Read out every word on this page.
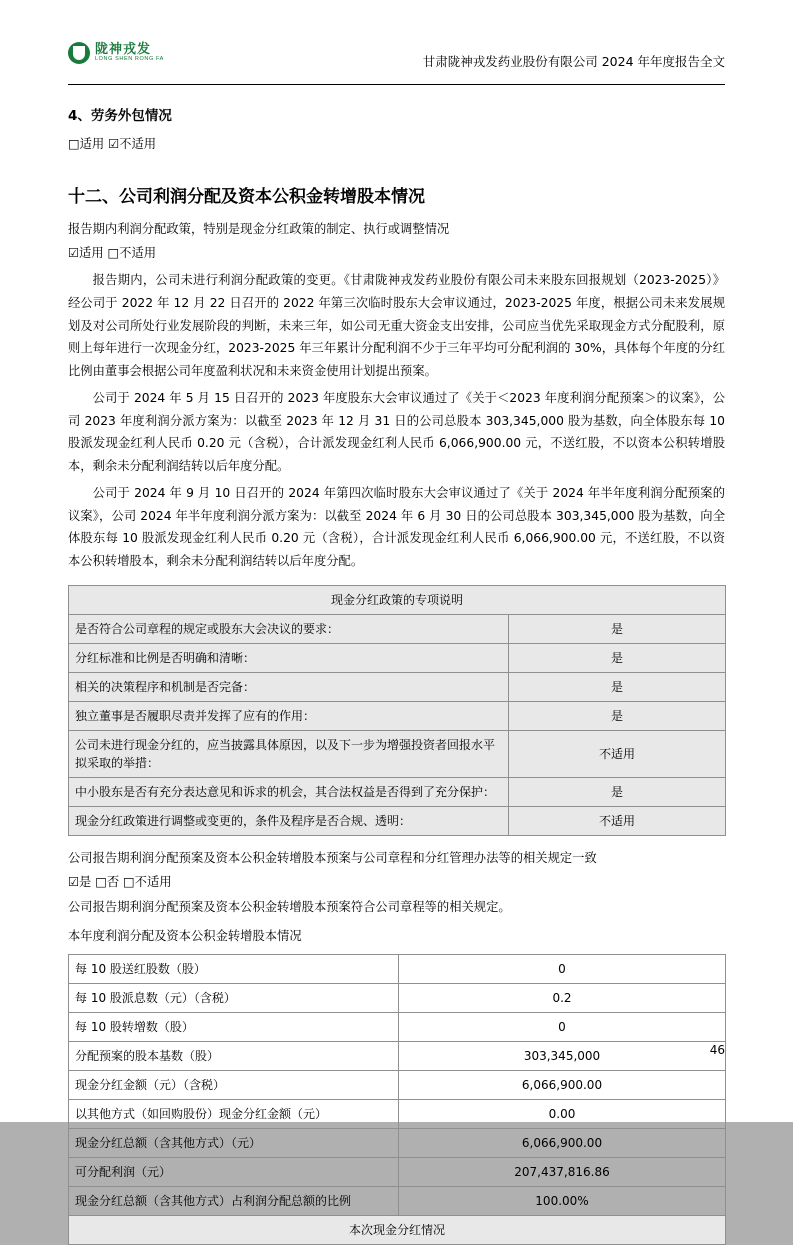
陇神戎发
LONG SHEN RONG FA	甘肃陇神戎发药业股份有限公司 2024 年年度报告全文
4、劳务外包情况
□适用 ☑不适用
十二、公司利润分配及资本公积金转增股本情况
报告期内利润分配政策，特别是现金分红政策的制定、执行或调整情况
☑适用 □不适用
报告期内，公司未进行利润分配政策的变更。《甘肃陇神戎发药业股份有限公司未来股东回报规划（2023-2025）》经公司于 2022 年 12 月 22 日召开的 2022 年第三次临时股东大会审议通过，2023-2025 年度，根据公司未来发展规划及对公司所处行业发展阶段的判断，未来三年，如公司无重大资金支出安排，公司应当优先采取现金方式分配股利，原则上每年进行一次现金分红，2023-2025 年三年累计分配利润不少于三年平均可分配利润的 30%，具体每个年度的分红比例由董事会根据公司年度盈利状况和未来资金使用计划提出预案。
公司于 2024 年 5 月 15 日召开的 2023 年度股东大会审议通过了《关于＜2023 年度利润分配预案＞的议案》，公司 2023 年度利润分派方案为：以截至 2023 年 12 月 31 日的公司总股本 303,345,000 股为基数，向全体股东每 10 股派发现金红利人民币 0.20 元（含税），合计派发现金红利人民币 6,066,900.00 元，不送红股，不以资本公积转增股本，剩余未分配利润结转以后年度分配。
公司于 2024 年 9 月 10 日召开的 2024 年第四次临时股东大会审议通过了《关于 2024 年半年度利润分配预案的议案》，公司 2024 年半年度利润分派方案为：以截至 2024 年 6 月 30 日的公司总股本 303,345,000 股为基数，向全体股东每 10 股派发现金红利人民币 0.20 元（含税），合计派发现金红利人民币 6,066,900.00 元，不送红股，不以资本公积转增股本，剩余未分配利润结转以后年度分配。
现金分红政策的专项说明	
是否符合公司章程的规定或股东大会决议的要求：	是
分红标准和比例是否明确和清晰：	是
相关的决策程序和机制是否完备：	是
独立董事是否履职尽责并发挥了应有的作用：	是
公司未进行现金分红的，应当披露具体原因，以及下一步为增强投资者回报水平拟采取的举措：	不适用
中小股东是否有充分表达意见和诉求的机会，其合法权益是否得到了充分保护：	是
现金分红政策进行调整或变更的，条件及程序是否合规、透明：	不适用
公司报告期利润分配预案及资本公积金转增股本预案与公司章程和分红管理办法等的相关规定一致
☑是 □否 □不适用
公司报告期利润分配预案及资本公积金转增股本预案符合公司章程等的相关规定。
本年度利润分配及资本公积金转增股本情况
每 10 股送红股数（股）	0
每 10 股派息数（元）（含税）	0.2
每 10 股转增数（股）	0
分配预案的股本基数（股）	303,345,000
现金分红金额（元）（含税）	6,066,900.00
以其他方式（如回购股份）现金分红金额（元）	0.00
现金分红总额（含其他方式）（元）	6,066,900.00
可分配利润（元）	207,437,816.86
现金分红总额（含其他方式）占利润分配总额的比例	100.00%
本次现金分红情况	
46
